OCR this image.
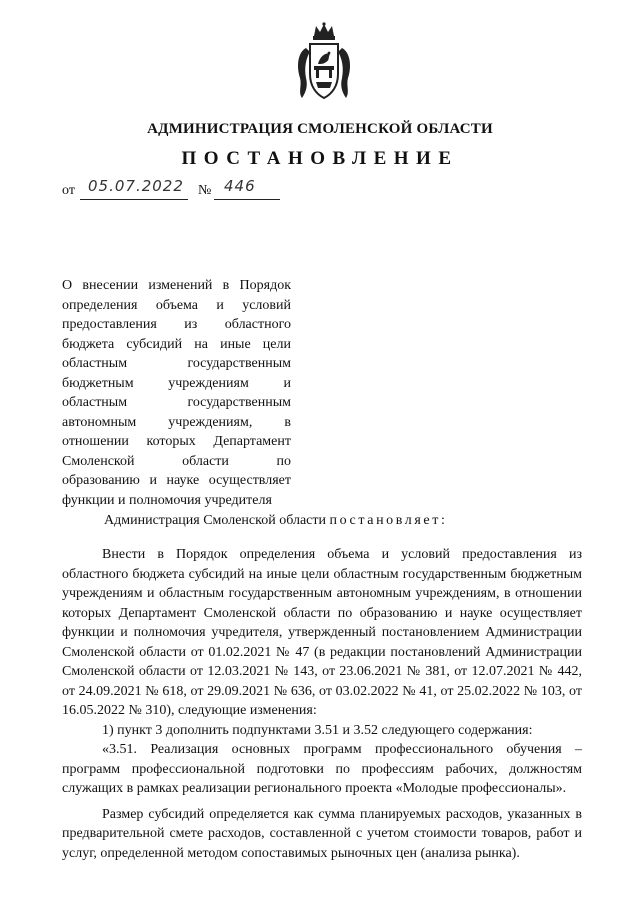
АДМИНИСТРАЦИЯ СМОЛЕНСКОЙ ОБЛАСТИ
ПОСТАНОВЛЕНИЕ
от 05.07.2022 № 446

О внесении изменений в Порядок

определения объема и условий

предоставления из областного

бюджета субсидий на иные цели

областным государственным

бюджетным учреждениям и

областным государственным

автономным учреждениям, в

отношении которых Департамент

Смоленской области по

образованию и науке осуществляет

функции и полномочия учредителя

Администрация Смоленской области постановляет:

Внести в Порядок определения объема и условий предоставления из областного бюджета субсидий на иные цели областным государственным бюджетным учреждениям и областным государственным автономным учреждениям, в отношении которых Департамент Смоленской области по образованию и науке осуществляет функции и полномочия учредителя, утвержденный постановлением Администрации Смоленской области от 01.02.2021 № 47 (в редакции постановлений Администрации Смоленской области от 12.03.2021 № 143, от 23.06.2021 № 381, от 12.07.2021 № 442, от 24.09.2021 № 618, от 29.09.2021 № 636, от 03.02.2022 № 41, от 25.02.2022 № 103, от 16.05.2022 № 310), следующие изменения:

1) пункт 3 дополнить подпунктами 3.51 и 3.52 следующего содержания:

«3.51. Реализация основных программ профессионального обучения – программ профессиональной подготовки по профессиям рабочих, должностям служащих в рамках реализации регионального проекта «Молодые профессионалы».

Размер субсидий определяется как сумма планируемых расходов, указанных в предварительной смете расходов, составленной с учетом стоимости товаров, работ и услуг, определенной методом сопоставимых рыночных цен (анализа рынка).
